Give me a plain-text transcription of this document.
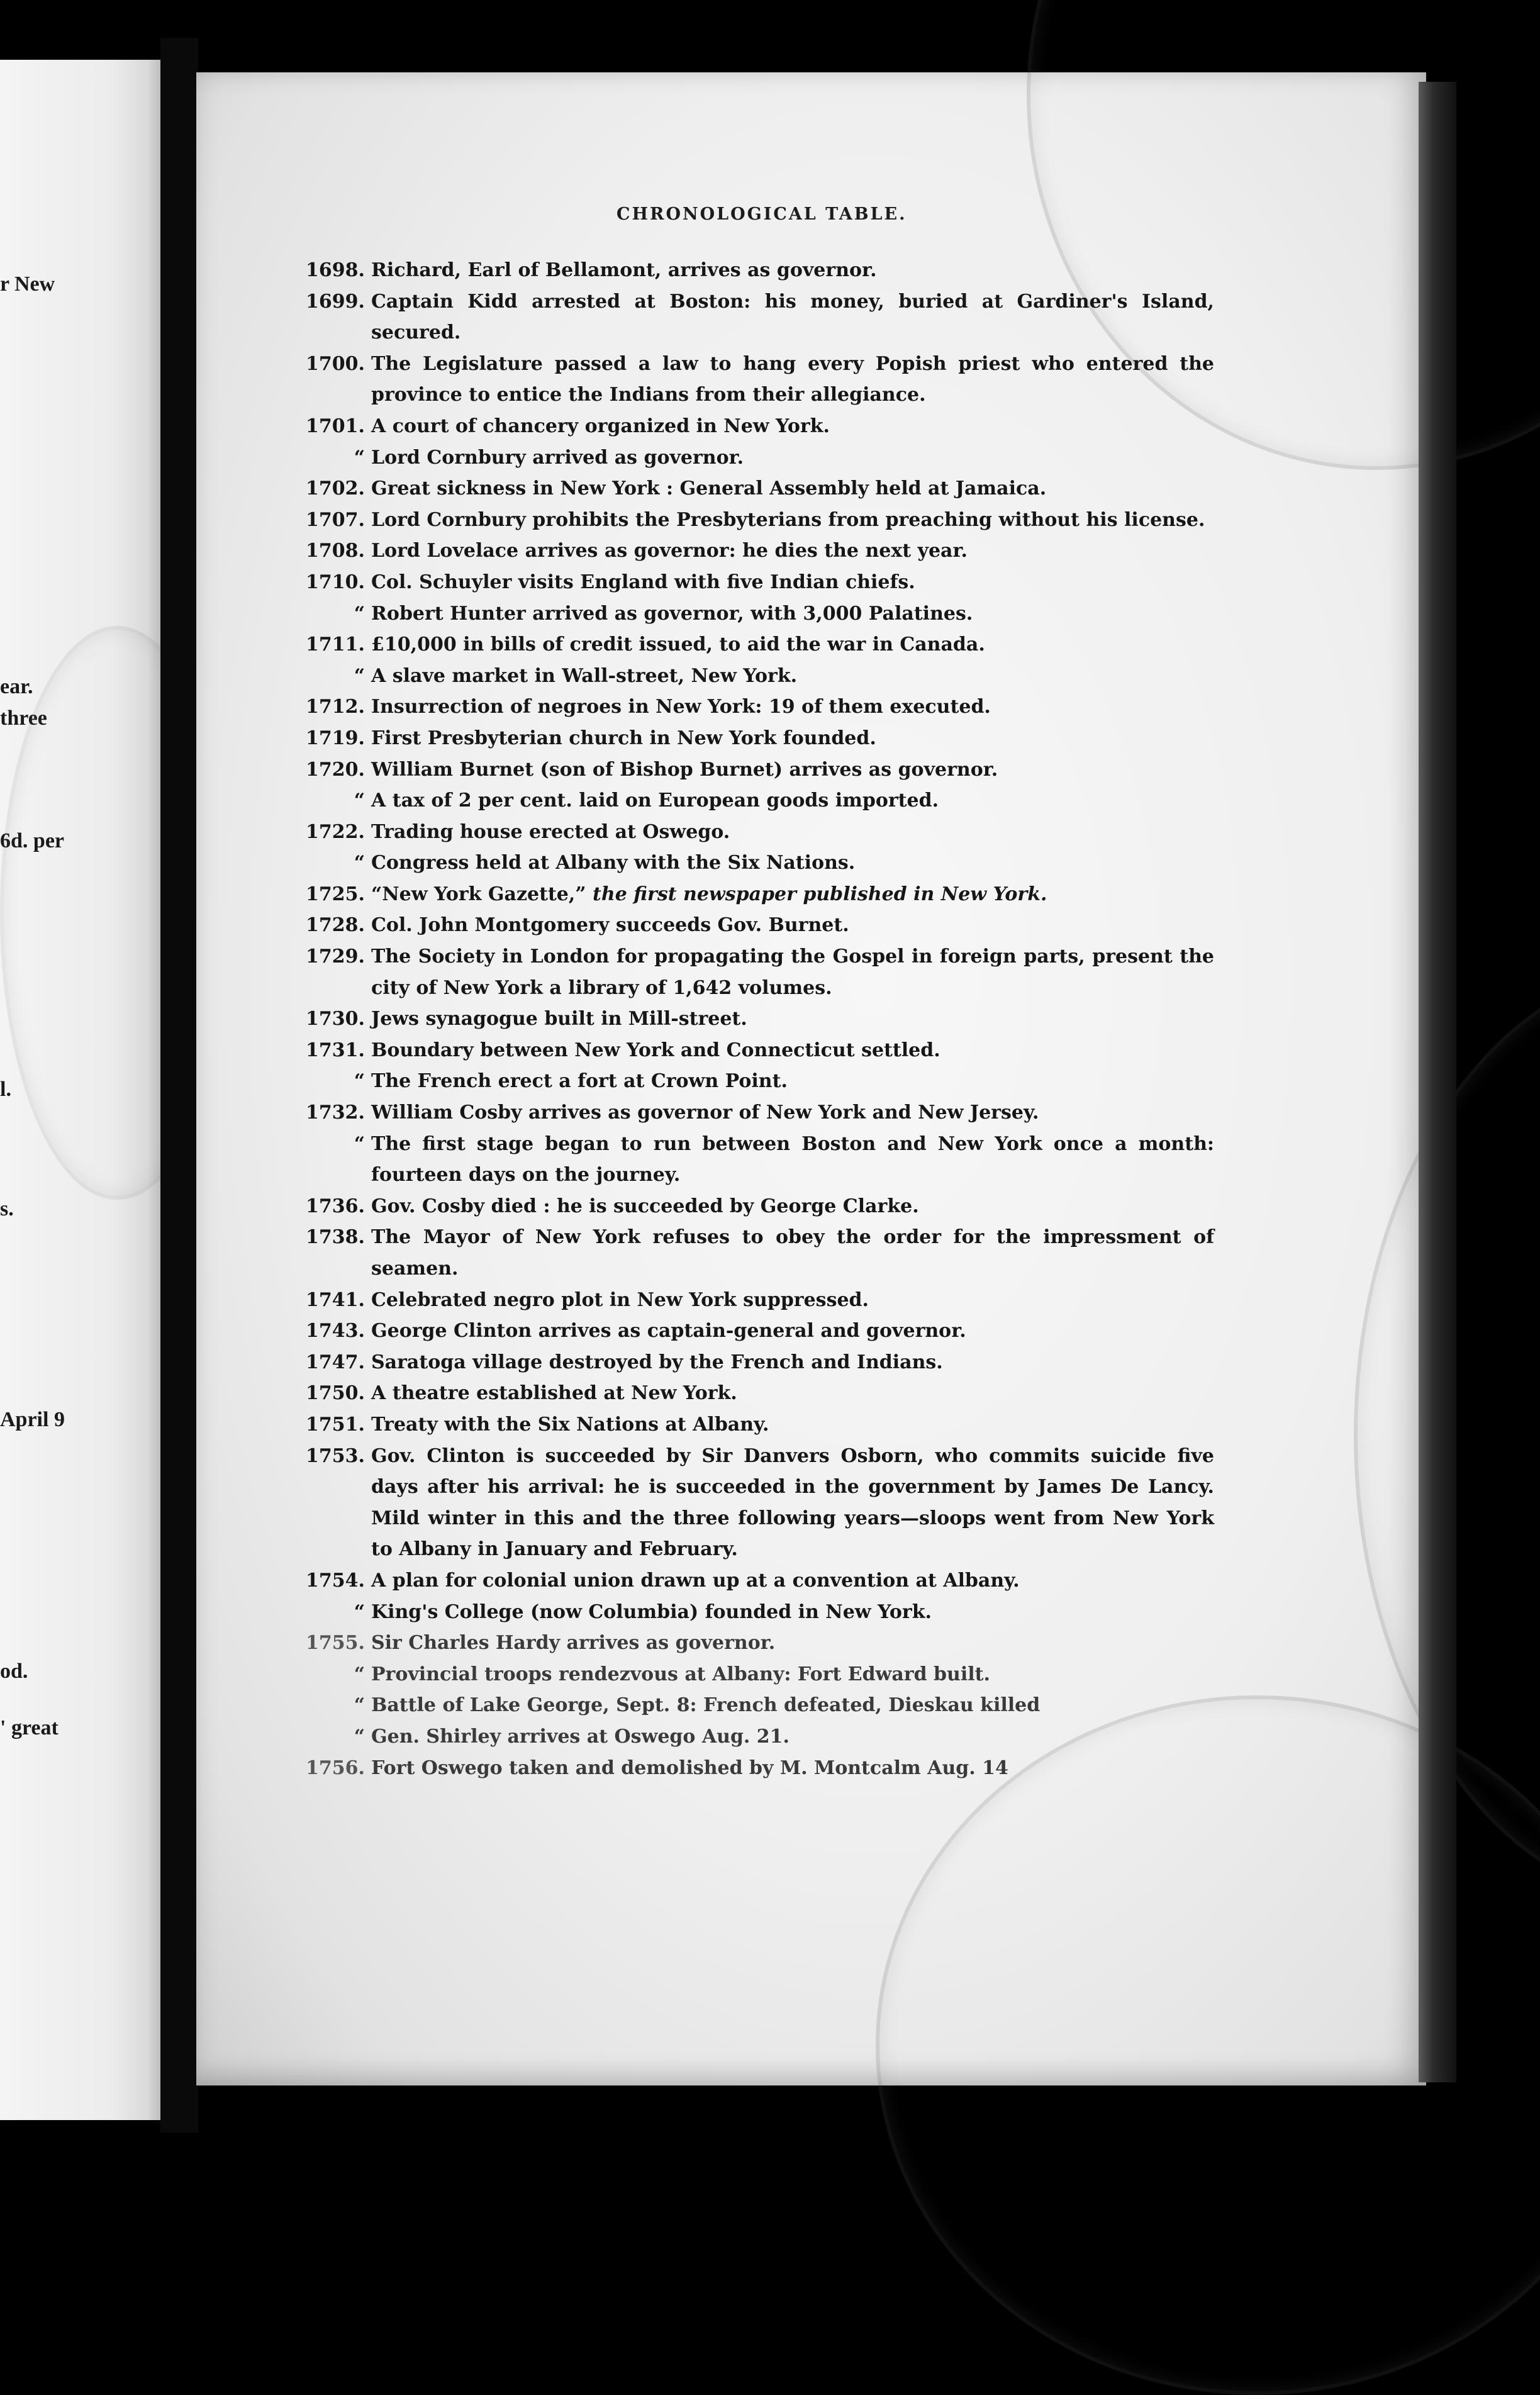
r New
ear.
three
6d. per
l.
s.
April 9
od.
' great
CHRONOLOGICAL TABLE.
1698. Richard, Earl of Bellamont, arrives as governor.
1699. Captain Kidd arrested at Boston: his money, buried at Gardiner's Island, secured.
1700. The Legislature passed a law to hang every Popish priest who entered the province to entice the Indians from their allegiance.
1701. A court of chancery organized in New York.
“ Lord Cornbury arrived as governor.
1702. Great sickness in New York : General Assembly held at Jamaica.
1707. Lord Cornbury prohibits the Presbyterians from preaching without his license.
1708. Lord Lovelace arrives as governor: he dies the next year.
1710. Col. Schuyler visits England with five Indian chiefs.
“ Robert Hunter arrived as governor, with 3,000 Palatines.
1711. £10,000 in bills of credit issued, to aid the war in Canada.
“ A slave market in Wall-street, New York.
1712. Insurrection of negroes in New York: 19 of them executed.
1719. First Presbyterian church in New York founded.
1720. William Burnet (son of Bishop Burnet) arrives as governor.
“ A tax of 2 per cent. laid on European goods imported.
1722. Trading house erected at Oswego.
“ Congress held at Albany with the Six Nations.
1725. “New York Gazette,” the first newspaper published in New York.
1728. Col. John Montgomery succeeds Gov. Burnet.
1729. The Society in London for propagating the Gospel in foreign parts, present the city of New York a library of 1,642 volumes.
1730. Jews synagogue built in Mill-street.
1731. Boundary between New York and Connecticut settled.
“ The French erect a fort at Crown Point.
1732. William Cosby arrives as governor of New York and New Jersey.
“ The first stage began to run between Boston and New York once a month: fourteen days on the journey.
1736. Gov. Cosby died : he is succeeded by George Clarke.
1738. The Mayor of New York refuses to obey the order for the impressment of seamen.
1741. Celebrated negro plot in New York suppressed.
1743. George Clinton arrives as captain-general and governor.
1747. Saratoga village destroyed by the French and Indians.
1750. A theatre established at New York.
1751. Treaty with the Six Nations at Albany.
1753. Gov. Clinton is succeeded by Sir Danvers Osborn, who commits suicide five days after his arrival: he is succeeded in the government by James De Lancy. Mild winter in this and the three following years—sloops went from New York to Albany in January and February.
1754. A plan for colonial union drawn up at a convention at Albany.
“ King's College (now Columbia) founded in New York.
1755. Sir Charles Hardy arrives as governor.
“ Provincial troops rendezvous at Albany: Fort Edward built.
“ Battle of Lake George, Sept. 8: French defeated, Dieskau killed
“ Gen. Shirley arrives at Oswego Aug. 21.
1756. Fort Oswego taken and demolished by M. Montcalm Aug. 14
